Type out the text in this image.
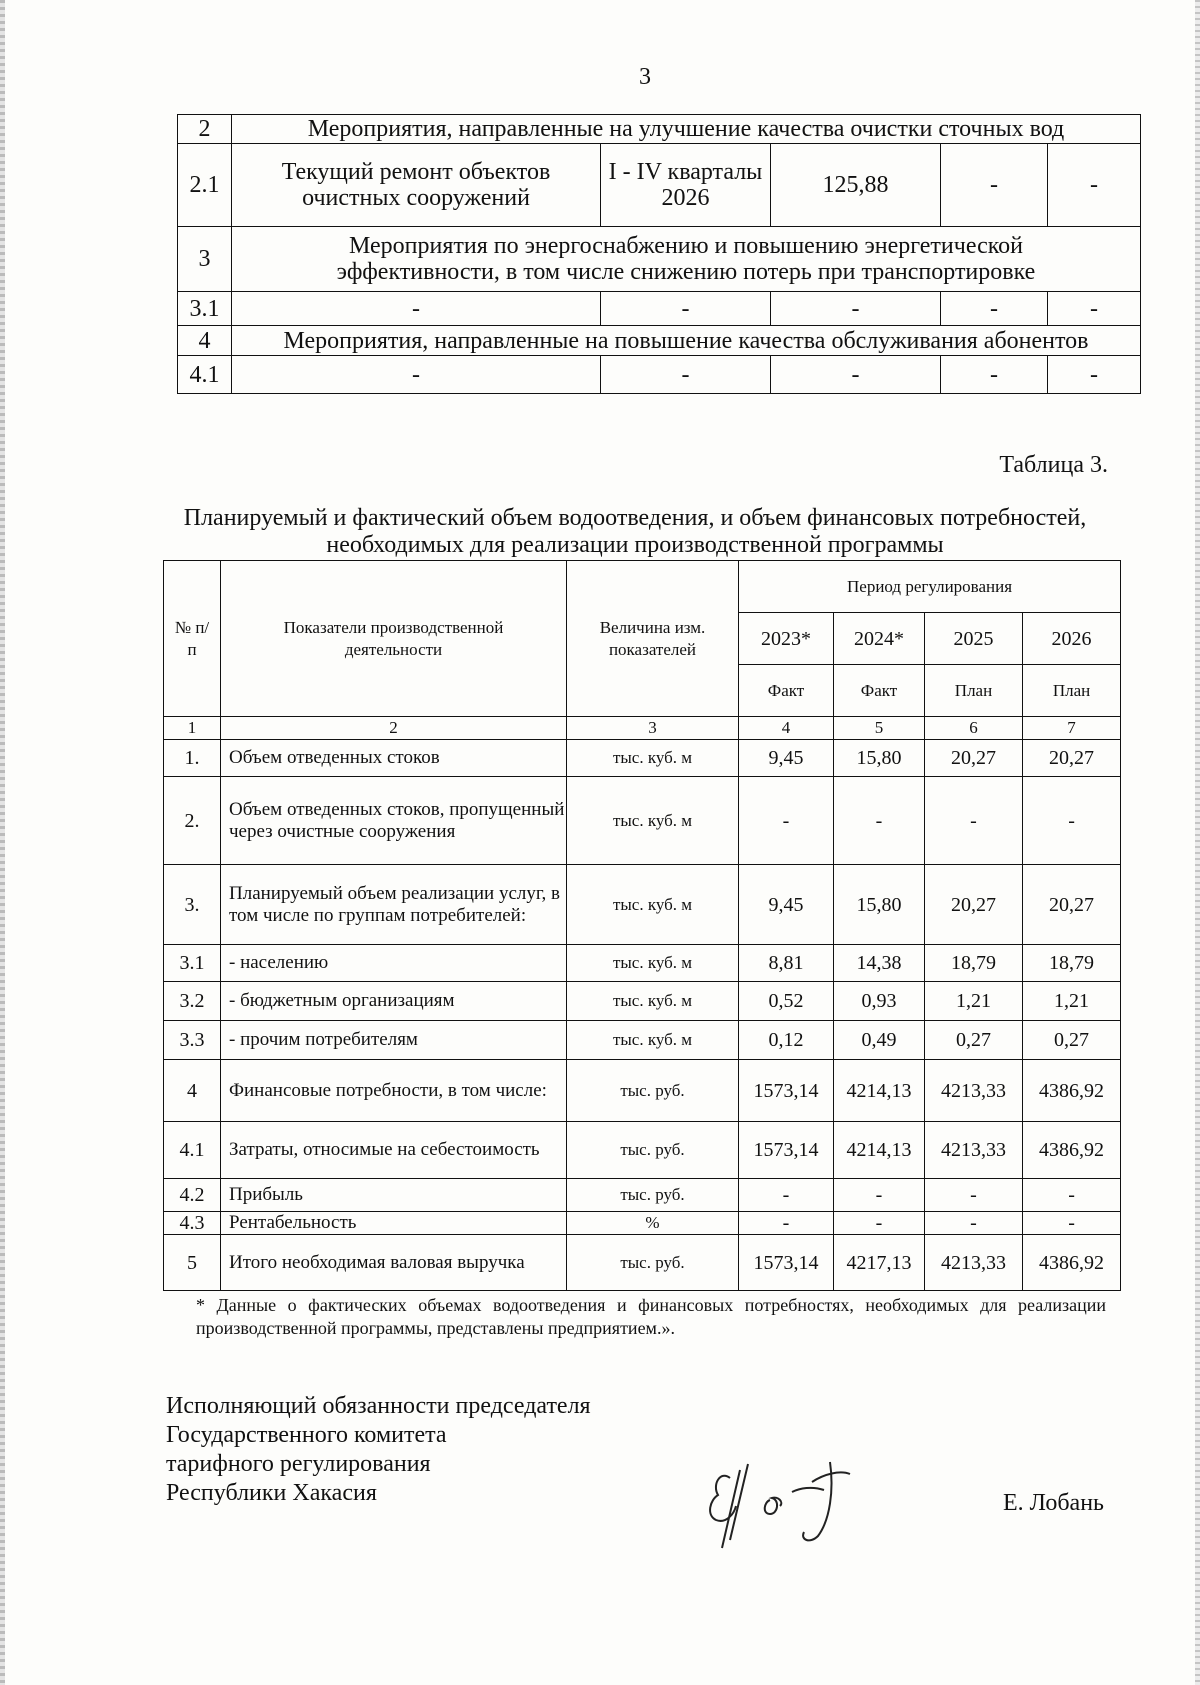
3
2	Мероприятия, направленные на улучшение качества очистки сточных вод				
2.1	Текущий ремонт объектов очистных сооружений	I - IV кварталы 2026	125,88	-	-
3	Мероприятия по энергоснабжению и повышению энергетической эффективности, в том числе снижению потерь при транспортировке				
3.1	-	-	-	-	-
4	Мероприятия, направленные на повышение качества обслуживания абонентов				
4.1	-	-	-	-	-
Таблица 3.
Планируемый и фактический объем водоотведения, и объем финансовых потребностей, необходимых для реализации производственной программы
№ п/п	Показатели производственной деятельности	Величина изм. показателей	Период регулирования			
			2023*	2024*	2025	2026
			Факт	Факт	План	План
1	2	3	4	5	6	7
1.	Объем отведенных стоков	тыс. куб. м	9,45	15,80	20,27	20,27
2.	Объем отведенных стоков, пропущенный через очистные сооружения	тыс. куб. м	-	-	-	-
3.	Планируемый объем реализации услуг, в том числе по группам потребителей:	тыс. куб. м	9,45	15,80	20,27	20,27
3.1	- населению	тыс. куб. м	8,81	14,38	18,79	18,79
3.2	- бюджетным организациям	тыс. куб. м	0,52	0,93	1,21	1,21
3.3	- прочим потребителям	тыс. куб. м	0,12	0,49	0,27	0,27
4	Финансовые потребности, в том числе:	тыс. руб.	1573,14	4214,13	4213,33	4386,92
4.1	Затраты, относимые на себестоимость	тыс. руб.	1573,14	4214,13	4213,33	4386,92
4.2	Прибыль	тыс. руб.	-	-	-	-
4.3	Рентабельность	%	-	-	-	-
5	Итого необходимая валовая выручка	тыс. руб.	1573,14	4217,13	4213,33	4386,92
* Данные о фактических объемах водоотведения и финансовых потребностях, необходимых для реализации производственной программы, представлены предприятием.».
Исполняющий обязанности председателя
Государственного комитета
тарифного регулирования
Республики Хакасия	Е. Лобань
